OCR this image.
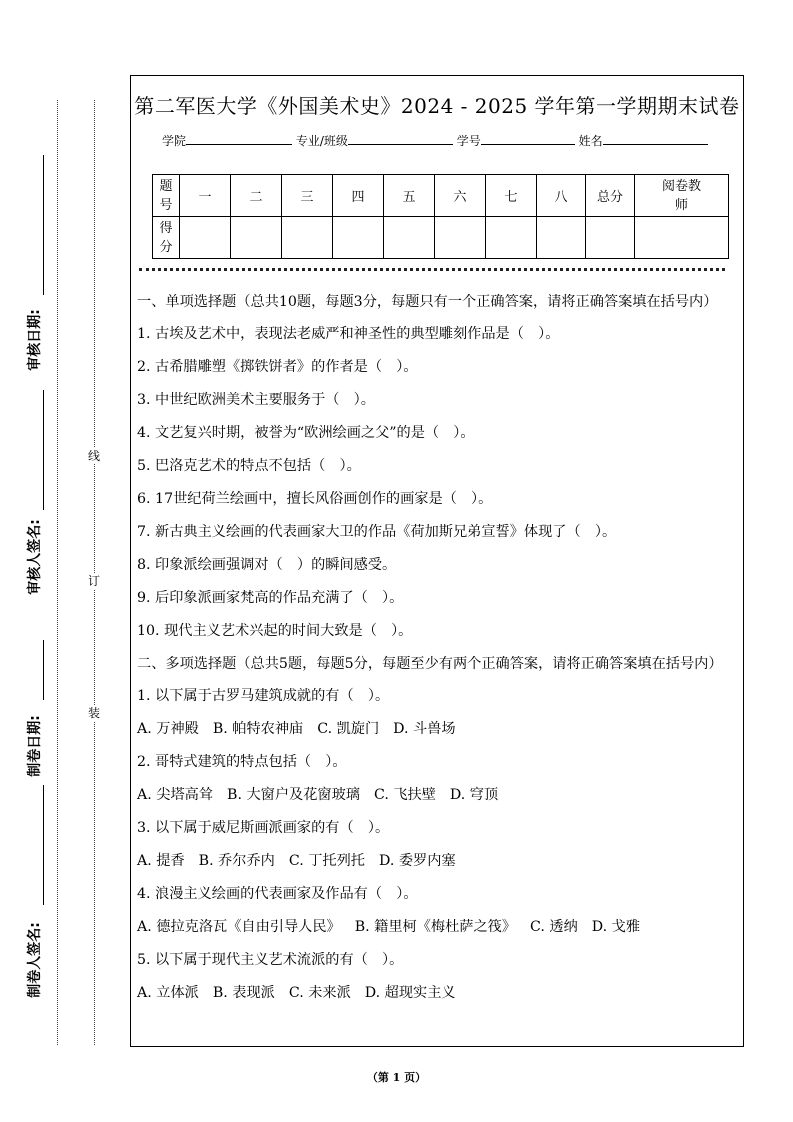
线
订
装
审核日期:
审核人签名:
制卷日期:
制卷人签名:
第二军医大学《外国美术史》2024 - 2025 学年第一学期期末试卷
学院	专业/班级	学号	姓名
题号	一	二	三	四	五	六	七	八	总分	阅卷教师
得分										

一、单项选择题（总共10题，每题3分，每题只有一个正确答案，请将正确答案填在括号内）

1. 古埃及艺术中，表现法老威严和神圣性的典型雕刻作品是（　）。

2. 古希腊雕塑《掷铁饼者》的作者是（　）。

3. 中世纪欧洲美术主要服务于（　）。

4. 文艺复兴时期，被誉为“欧洲绘画之父”的是（　）。

5. 巴洛克艺术的特点不包括（　）。

6. 17世纪荷兰绘画中，擅长风俗画创作的画家是（　）。

7. 新古典主义绘画的代表画家大卫的作品《荷加斯兄弟宣誓》体现了（　）。

8. 印象派绘画强调对（　）的瞬间感受。

9. 后印象派画家梵高的作品充满了（　）。

10. 现代主义艺术兴起的时间大致是（　）。

二、多项选择题（总共5题，每题5分，每题至少有两个正确答案，请将正确答案填在括号内）

1. 以下属于古罗马建筑成就的有（　）。

A. 万神殿 B. 帕特农神庙 C. 凯旋门 D. 斗兽场

2. 哥特式建筑的特点包括（　）。

A. 尖塔高耸 B. 大窗户及花窗玻璃 C. 飞扶壁 D. 穹顶

3. 以下属于威尼斯画派画家的有（　）。

A. 提香 B. 乔尔乔内 C. 丁托列托 D. 委罗内塞

4. 浪漫主义绘画的代表画家及作品有（　）。

A. 德拉克洛瓦《自由引导人民》 B. 籍里柯《梅杜萨之筏》 C. 透纳 D. 戈雅

5. 以下属于现代主义艺术流派的有（　）。

A. 立体派 B. 表现派 C. 未来派 D. 超现实主义

（第 1 页）
